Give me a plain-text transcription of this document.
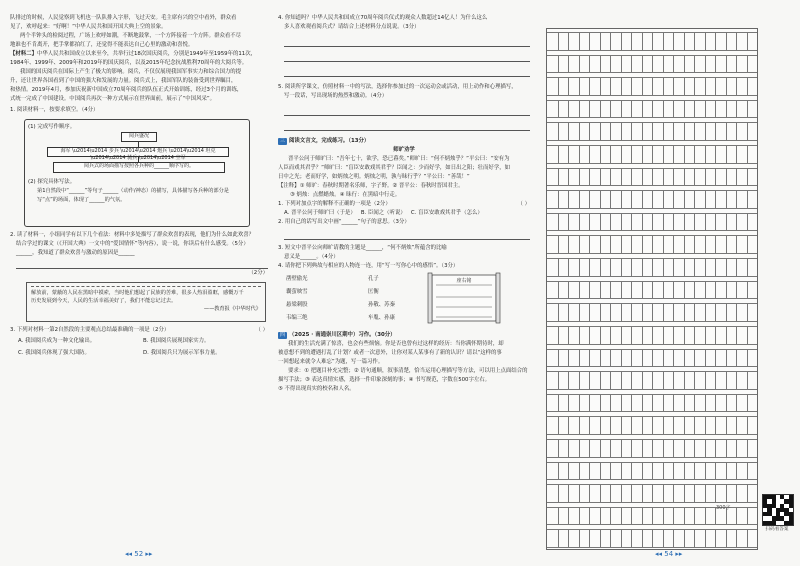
队排过的时候，人民觉察到飞机也一队队排入字形，飞过天安。毛主席有兴的空中看外，群众看

见了，欢呼起来：“好啊！”中华人民共和国开国大典上空的景象。

两个半钟头的检阅过程，广场上欢呼如潮，不断地鼓掌，一个方阵接着一个方阵。群众看不尽

地谁也不肯离开，把手掌都拍红了，还觉得不能表达自己心里的激动和喜悦。

【材料二】中华人民共和国成立以来至今，共举行过18次国庆阅兵，分别是1949年至1959年的11次，

1984年、1999年、2009年和2019年的国庆阅兵，以及2015年纪念抗战胜利70周年的大阅兵等。

我国的国庆阅兵在国际上产生了极大的影响。阅兵，不仅仅展现我国军事实力和综合国力的提

升，还让世界各国看到了中国的强大和发展的力量。阅兵式上，我国军队的装备受到世界瞩目，

和热情。2019年4月，参加庆祝新中国成立70周年阅兵的队伍正式开始训练，经过3个月的训练，

式统一完成了中国建设。中国阅兵再次一种方式展示在世界面前，展示了“中国风采”。

1. 阅读材料一，按要求填空。（4分）

(1) 完成写作顺序。
阅兵盛况
海军 \u2014\u2014 步兵 \u2014\u2014 炮兵 \u2014\u2014 坦克 \u2014\u2014 骑兵 \u2014\u2014 空军
阅兵式的场面描写按照各兵种的______顺序写的。
(2) 探究具体写法。
第1自然段中“______”等句子______（动作/神态）的描写，具体描写各兵种的部分是写“点”的场面，体现了______的气氛。

2. 读了材料一，小组同学有以下几个看法：材料中多处描写了群众欢喜的表现，他们为什么如此欢喜？

结合学过的课文（《开国大典》一文中的“爱国情怀”等内容），说一说，你读后有什么感受。（5分）

______，我知道了群众欢喜与激动的原因是______

（2分）

解放前，蒙蔽的人民在黑暗中摸索，当时他们想起了民族的苦难，很多人热泪盈眶，感慨万千
历史发展到今天，人民的生活幸福美好了，我们不能忘记过去。
——教育报《中华时代》

3. 下列对材料一第2自然段的主要观点总结最准确的一项是（2分）	（ ）

A. 我国阅兵成为一种文化输出。	B. 我国阅兵展现国家实力。
C. 我国阅兵体现了强大国防。	D. 我国阅兵只为展示军事力量。
◂◂ 52 ▸▸

4. 你知道吗？中华人民共和国成立70周年阅兵仪式的观众人数超过14亿人！为什么这么

多人喜欢观看阅兵式？请结合上述材料分点说说。（3分）

5. 阅读所学课文，仿照材料一中的写法，选择你参加过的一次运动会或活动，用上动作和心理描写，

写一段话，写出现场的热烈和激动。（4分）

三 阅读文言文，完成练习。（13分）

师旷劝学

晋平公问于师旷曰：“吾年七十，欲学，恐已暮矣。”师旷曰：“何不炳烛乎？”平公曰：“安有为

人臣而戏其君乎？”师旷曰：“盲臣安敢戏其君乎？臣闻之：少而好学，如日出之阳；壮而好学，如

日中之光；老而好学，如炳烛之明。炳烛之明，孰与昧行乎？”平公曰：“善哉！”

【注释】① 师旷：春秋时期著名乐师，字子野。② 晋平公：春秋时晋国君主。

③ 炳烛：点燃蜡烛。④ 昧行：在黑暗中行走。

1. 下列对加点字的解释不正确的一项是（2分）	（ ）

A. 晋平公问于师旷曰（于是） B. 臣闻之（听说） C. 盲臣安敢戏其君乎（怎么）

2. 用自己的话写出文中画“______”句子的意思。（3分）

3. 短文中晋平公向师旷请教的主题是______，“何不炳烛”所蕴含的比喻

意义是______。（4分）

4. 请你把下列典故与相应的人物连一连，用“写一写你心中的感悟”。（3分）

凿壁偷光
囊萤映雪
悬梁刺股
韦编三绝
孔子
匡衡
孙敬、苏秦
车胤、孙康
座右铭

四 （2025 · 南通崇川区期中）习作。（30分）

我们的生活充满了惊喜，也会有些烦恼。你是否也曾有过这样的经历：当你满怀期待时，却

被意想不到的遭遇打乱了计划？或者一次意外，让你对某人某事有了新的认识？请以“这样的事

一回想起来就令人难忘”为题，写一篇习作。

要求：① 把题目补充完整；② 语句通顺，叙事清楚，恰当运用心理描写等方法，可以用上点面结合的

描写手法；③ 表达真情实感，选择一件印象深刻的事；④ 书写规范，字数在500字左右。

⑤ 不得出现真实的校名和人名。

300字
扫码看答案
◂◂ 54 ▸▸
